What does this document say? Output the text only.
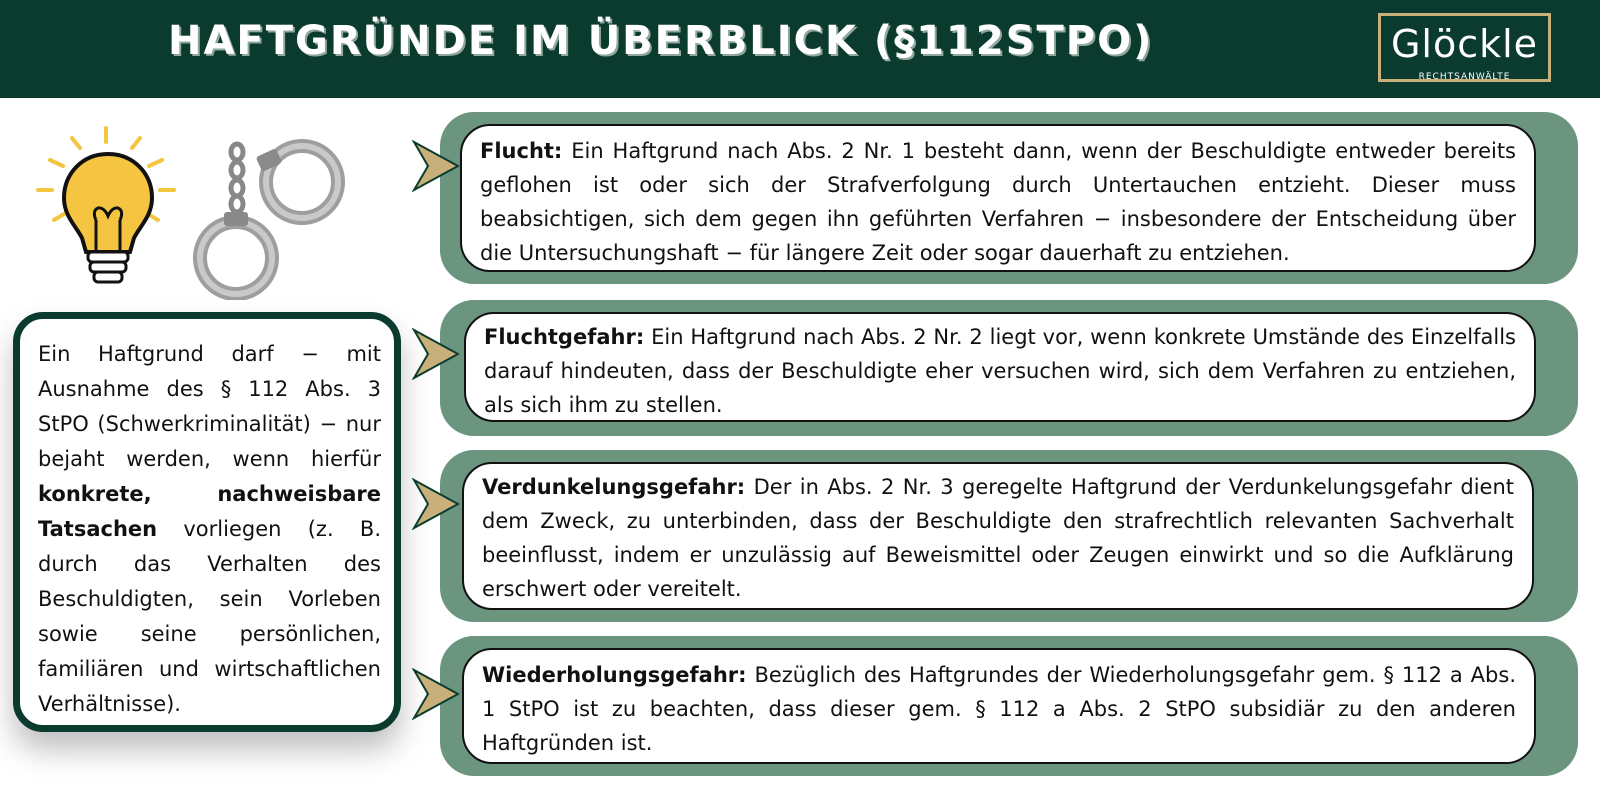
HAFTGRÜNDE IM ÜBERBLICK (§112STPO)	Glöckle
RECHTSANWÄLTE
Ein Haftgrund darf − mit Ausnahme des § 112 Abs. 3 StPO (Schwerkriminalität) − nur bejaht werden, wenn hierfür konkrete, nachweisbare Tatsachen vorliegen (z. B. durch das Verhalten des Beschuldigten, sein Vorleben sowie seine persönlichen, familiären und wirtschaftlichen Verhältnisse).
Flucht: Ein Haftgrund nach Abs. 2 Nr. 1 besteht dann, wenn der Beschuldigte entweder bereits geflohen ist oder sich der Strafverfolgung durch Untertauchen entzieht. Dieser muss beabsichtigen, sich dem gegen ihn geführten Verfahren − insbesondere der Entscheidung über die Untersuchungshaft − für längere Zeit oder sogar dauerhaft zu entziehen.
Fluchtgefahr: Ein Haftgrund nach Abs. 2 Nr. 2 liegt vor, wenn konkrete Umstände des Einzelfalls darauf hindeuten, dass der Beschuldigte eher versuchen wird, sich dem Verfahren zu entziehen, als sich ihm zu stellen.
Verdunkelungsgefahr: Der in Abs. 2 Nr. 3 geregelte Haftgrund der Verdunkelungsgefahr dient dem Zweck, zu unterbinden, dass der Beschuldigte den strafrechtlich relevanten Sachverhalt beeinflusst, indem er unzulässig auf Beweismittel oder Zeugen einwirkt und so die Aufklärung erschwert oder vereitelt.
Wiederholungsgefahr: Bezüglich des Haftgrundes der Wiederholungsgefahr gem. § 112 a Abs. 1 StPO ist zu beachten, dass dieser gem. § 112 a Abs. 2 StPO subsidiär zu den anderen Haftgründen ist.
